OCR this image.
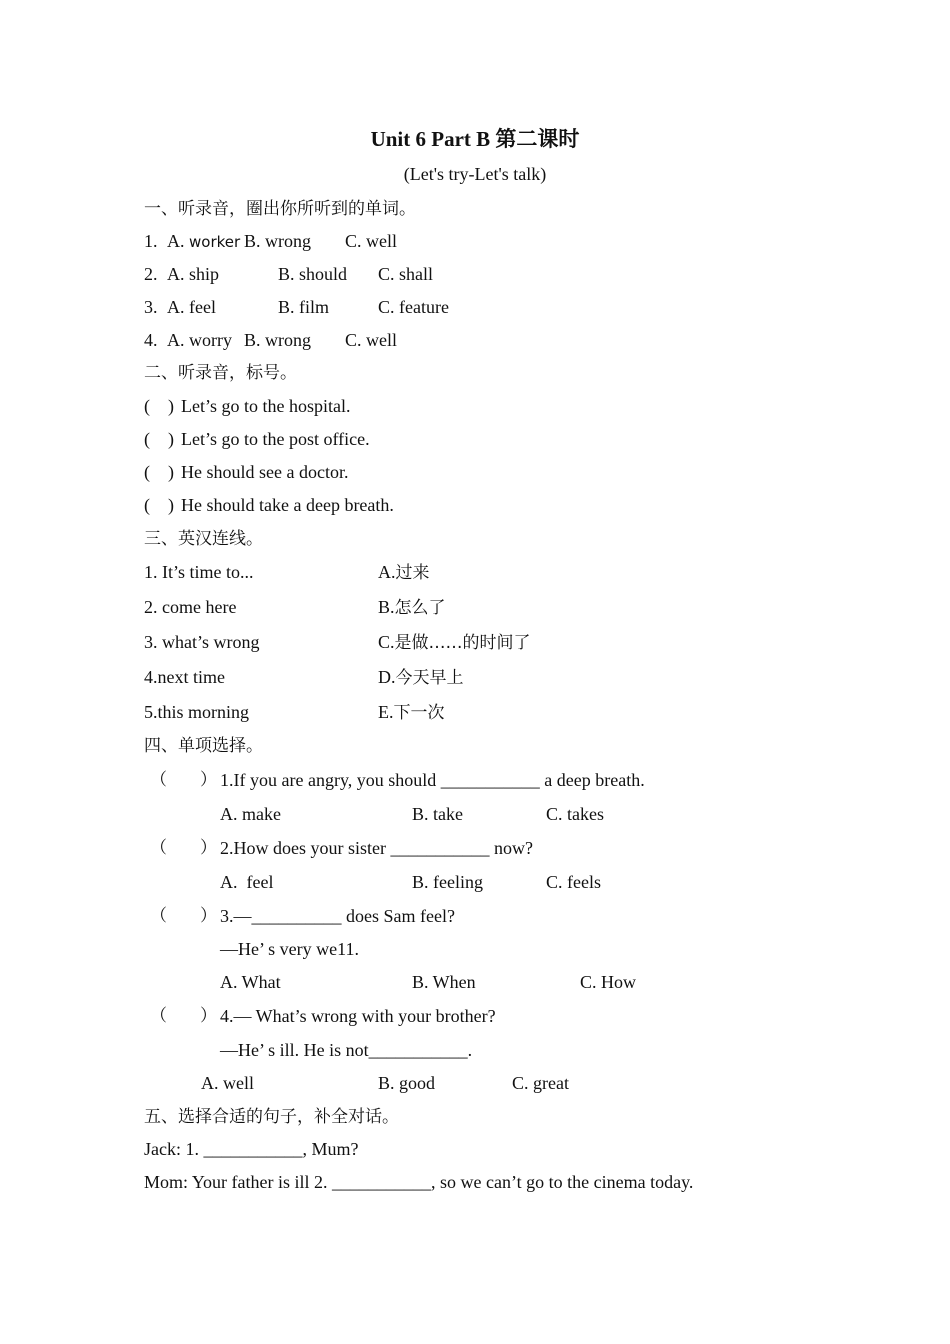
Unit 6 Part B 第二课时
(Let's try-Let's talk)
一、听录音，圈出你所听到的单词。
1. A. worker B. wrong C. well
2. A. ship	B. should C. shall
3. A. feel	B. film	C. feature
4. A. worry B. wrong C. well
二、听录音，标号。
(    ) Let’s go to the hospital.
(    ) Let’s go to the post office.
(    ) He should see a doctor.
(    ) He should take a deep breath.
三、英汉连线。
1. It’s time to...	A.过来
2. come here	B.怎么了
3. what’s wrong	C.是做……的时间了
4.next time	D.今天早上
5.this morning	E.下一次
四、单项选择。
（ ） 1.If you are angry, you should ___________ a deep breath.
A. make	B. take	C. takes
（ ） 2.How does your sister ___________ now?
A.  feel	B. feeling	C. feels
（ ） 3.—__________ does Sam feel?
—He’ s very we11.
A. What	B. When	C. How
（ ） 4.— What’s wrong with your brother?
—He’ s ill. He is not___________.
A. well	B. good	C. great
五、选择合适的句子，补全对话。
Jack: 1. ___________, Mum?
Mom: Your father is ill 2. ___________, so we can’t go to the cinema today.
